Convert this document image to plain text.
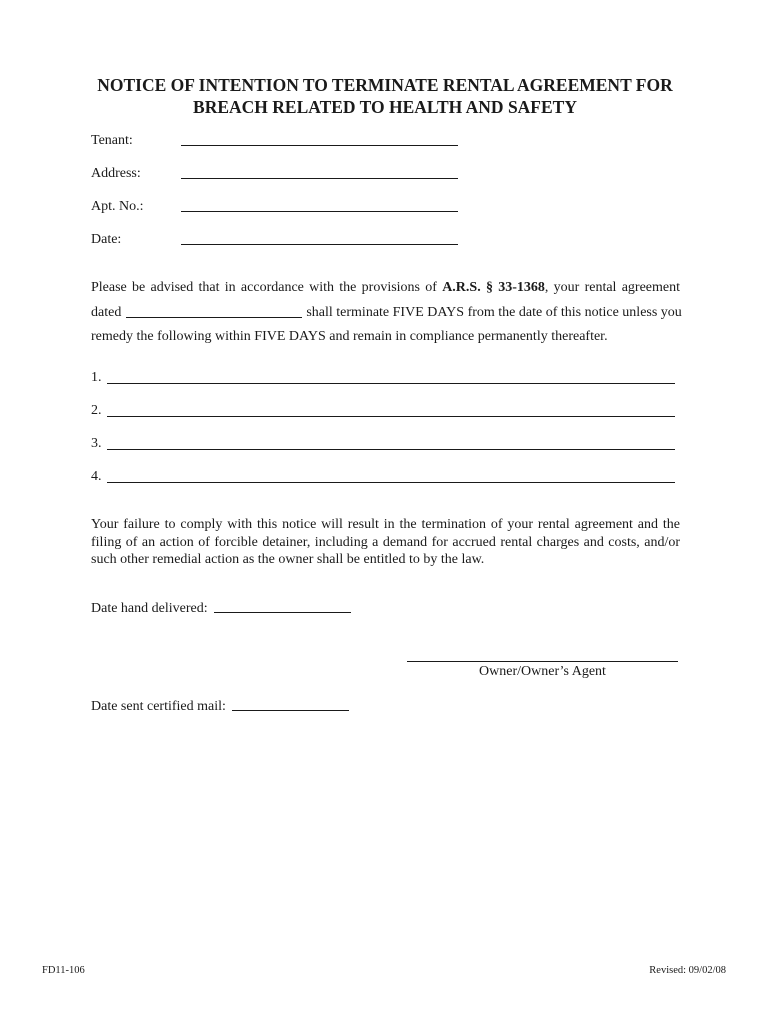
NOTICE OF INTENTION TO TERMINATE RENTAL AGREEMENT FOR
BREACH RELATED TO HEALTH AND SAFETY
Tenant:
Address:
Apt. No.:
Date:
Please be advised that in accordance with the provisions of A.R.S. § 33-1368, your rental agreement
dated	shall terminate FIVE DAYS from the date of this notice unless you
remedy the following within FIVE DAYS and remain in compliance permanently thereafter.
1.
2.
3.
4.
Your failure to comply with this notice will result in the termination of your rental agreement and the
filing of an action of forcible detainer, including a demand for accrued rental charges and costs, and/or
such other remedial action as the owner shall be entitled to by the law.
Date hand delivered:
Owner/Owner’s Agent
Date sent certified mail:
FD11-106	Revised: 09/02/08
